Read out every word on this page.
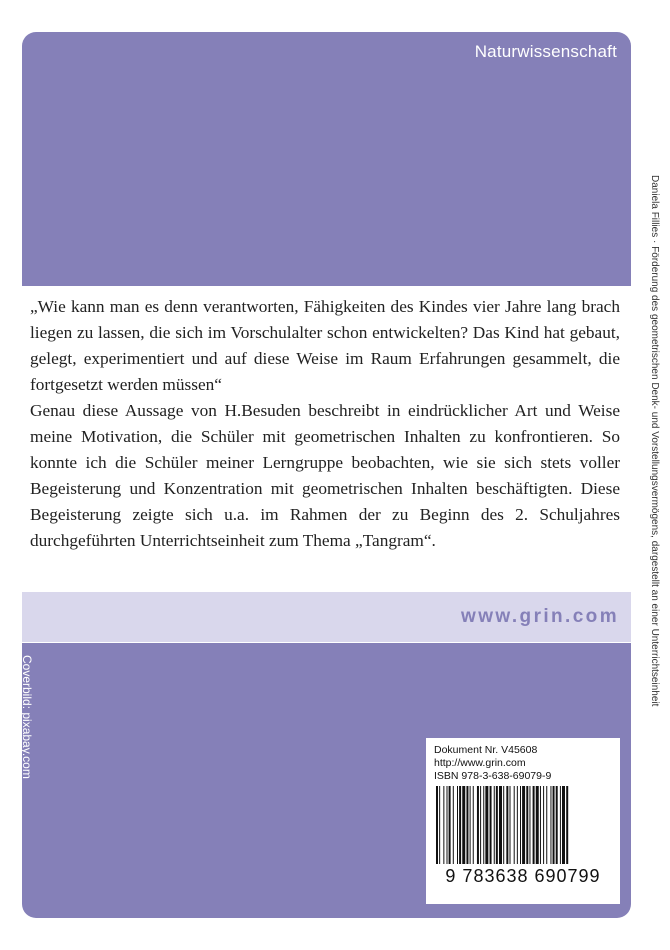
Naturwissenschaft

„Wie kann man es denn verantworten, Fähigkeiten des Kindes vier Jahre lang brach liegen zu lassen, die sich im Vorschulalter schon entwickelten? Das Kind hat gebaut, gelegt, experimentiert und auf diese Weise im Raum Erfahrungen gesammelt, die fortgesetzt werden müssen“

Genau diese Aussage von H.Besuden beschreibt in eindrücklicher Art und Weise meine Motivation, die Schüler mit geometrischen Inhalten zu konfrontieren. So konnte ich die Schüler meiner Lerngruppe beobachten, wie sie sich stets voller Begeisterung und Konzentration mit geometrischen Inhalten beschäftigten. Diese Begeisterung zeigte sich u.a. im Rahmen der zu Beginn des 2. Schuljahres durchgeführten Unterrichtseinheit zum Thema „Tangram“.

www.grin.com
Coverbild: pixabay.com	Dokument Nr. V45608
http://www.grin.com
ISBN 978-3-638-69079-9
9 783638 690799
Daniela Fillies · Förderung des geometrischen Denk- und Vorstellungsvermögens, dargestellt an einer Unterrichtseinheit
